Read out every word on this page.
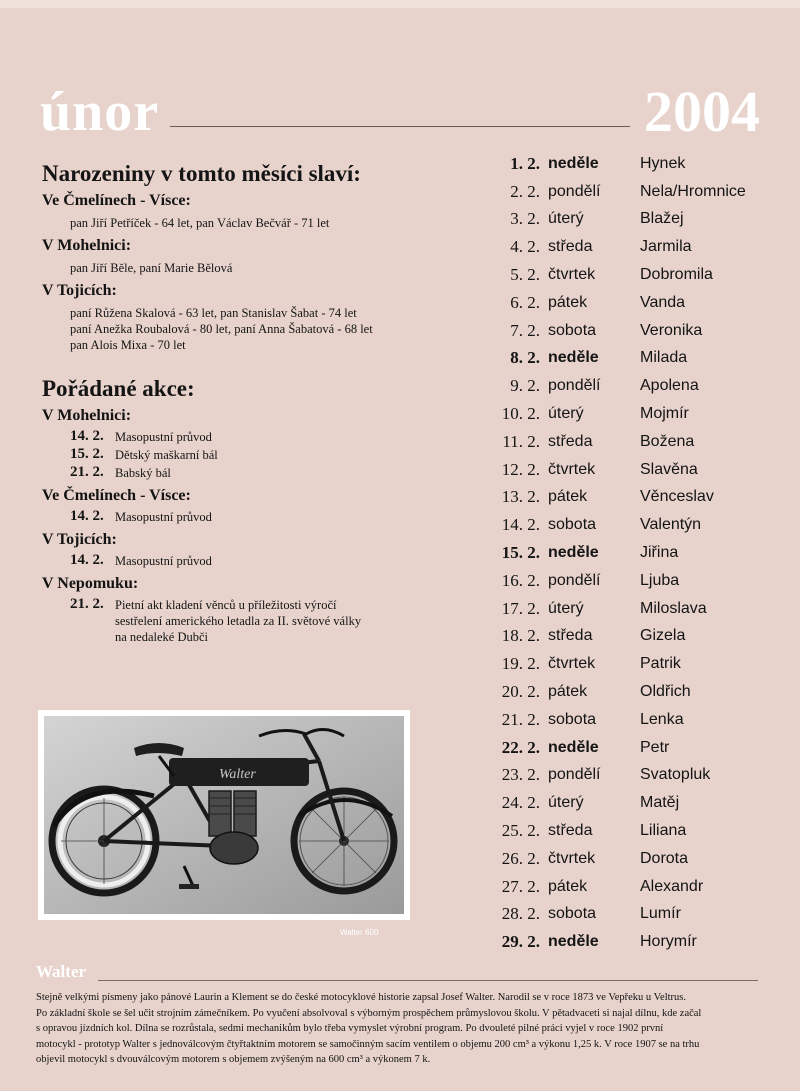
únor	2004
Narozeniny v tomto měsíci slaví:
Ve Čmelínech - Vísce:
pan Jiří Petříček - 64 let, pan Václav Bečvář - 71 let
V Mohelnici:
pan Jiří Běle, paní Marie Bělová
V Tojicích:
paní Růžena Skalová - 63 let, pan Stanislav Šabat - 74 let
paní Anežka Roubalová - 80 let, paní Anna Šabatová - 68 let
pan Alois Mixa - 70 let
Pořádané akce:
V Mohelnici:
14. 2. Masopustní průvod
15. 2. Dětský maškarní bál
21. 2. Babský bál
Ve Čmelínech - Vísce:
14. 2. Masopustní průvod
V Tojicích:
14. 2. Masopustní průvod
V Nepomuku:
21. 2. Pietní akt kladení věnců u příležitosti výročí
sestřelení amerického letadla za II. světové války
na nedaleké Dubči
Walter
Walter 600
1. 2. neděle	Hynek
2. 2. pondělí	Nela/Hromnice
3. 2. úterý	Blažej
4. 2. středa	Jarmila
5. 2. čtvrtek	Dobromila
6. 2. pátek	Vanda
7. 2. sobota	Veronika
8. 2. neděle	Milada
9. 2. pondělí	Apolena
10. 2. úterý	Mojmír
11. 2. středa	Božena
12. 2. čtvrtek	Slavěna
13. 2. pátek	Věnceslav
14. 2. sobota	Valentýn
15. 2. neděle	Jiřina
16. 2. pondělí	Ljuba
17. 2. úterý	Miloslava
18. 2. středa	Gizela
19. 2. čtvrtek	Patrik
20. 2. pátek	Oldřich
21. 2. sobota	Lenka
22. 2. neděle	Petr
23. 2. pondělí	Svatopluk
24. 2. úterý	Matěj
25. 2. středa	Liliana
26. 2. čtvrtek	Dorota
27. 2. pátek	Alexandr
28. 2. sobota	Lumír
29. 2. neděle	Horymír
Walter
Stejně velkými písmeny jako pánové Laurin a Klement se do české motocyklové historie zapsal Josef Walter. Narodil se v roce 1873 ve Vepřeku u Veltrus.
Po základní škole se šel učit strojním zámečníkem. Po vyučení absolvoval s výborným prospěchem průmyslovou školu. V pětadvaceti si najal dílnu, kde začal
s opravou jízdních kol. Dílna se rozrůstala, sedmi mechanikům bylo třeba vymyslet výrobní program. Po dvouleté pilné práci vyjel v roce 1902 první
motocykl - prototyp Walter s jednoválcovým čtyřtaktním motorem se samočinným sacím ventilem o objemu 200 cm³ a výkonu 1,25 k. V roce 1907 se na trhu
objevil motocykl s dvouválcovým motorem s objemem zvýšeným na 600 cm³ a výkonem 7 k.
